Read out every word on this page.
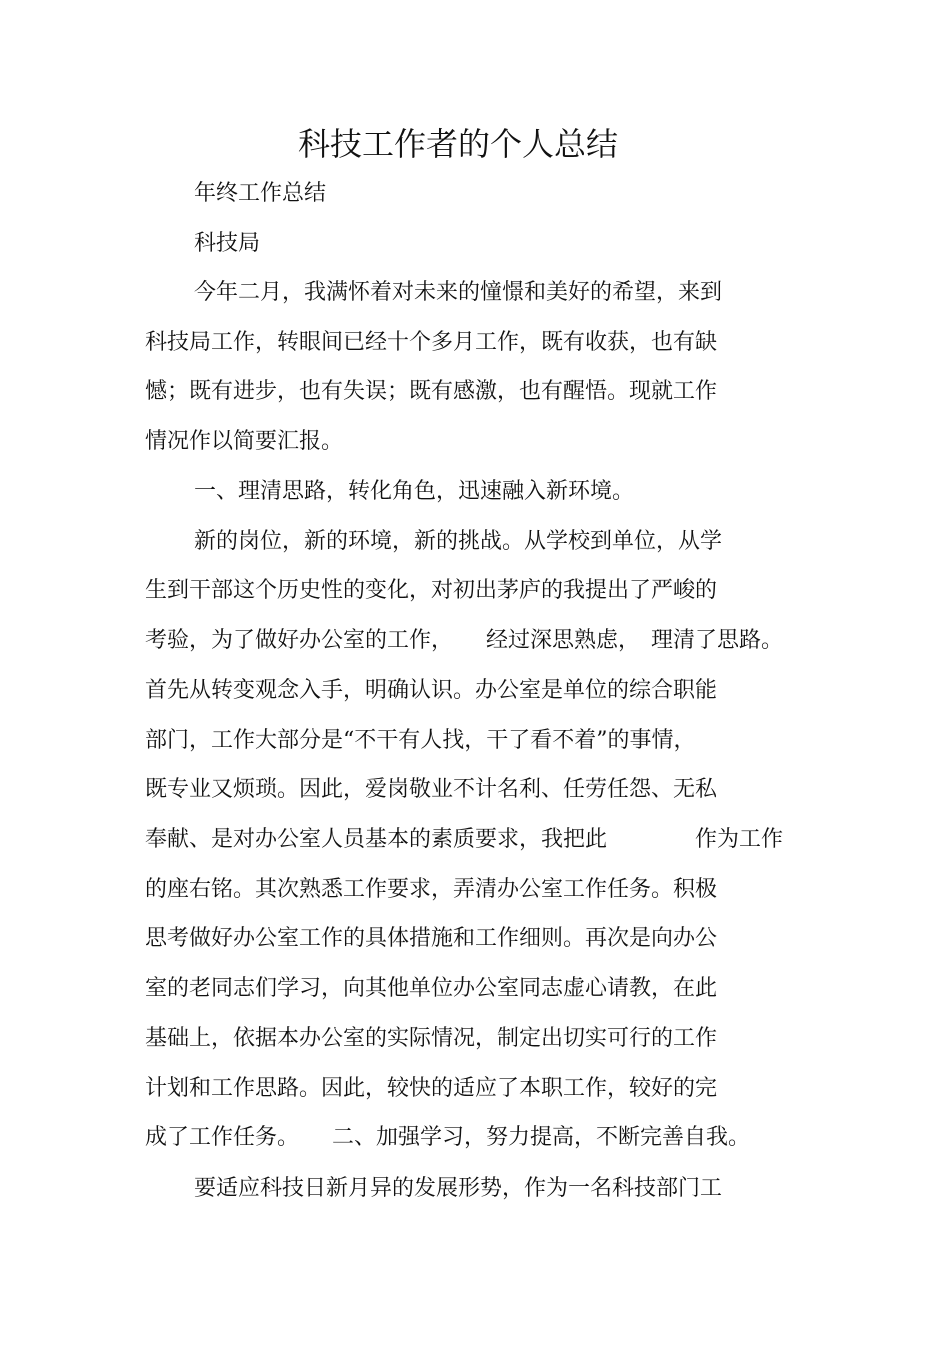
科技工作者的个人总结
年终工作总结
科技局
今年二月，我满怀着对未来的憧憬和美好的希望，来到
科技局工作，转眼间已经十个多月工作，既有收获，也有缺
憾；既有进步，也有失误；既有感激，也有醒悟。现就工作
情况作以简要汇报。
一、理清思路，转化角色，迅速融入新环境。
新的岗位，新的环境，新的挑战。从学校到单位，从学
生到干部这个历史性的变化，对初出茅庐的我提出了严峻的
考验，为了做好办公室的工作，　　经过深思熟虑，　理清了思路。
首先从转变观念入手，明确认识。办公室是单位的综合职能
部门，工作大部分是“不干有人找，干了看不着”的事情，
既专业又烦琐。因此，爱岗敬业不计名利、任劳任怨、无私
奉献、是对办公室人员基本的素质要求，我把此　　　　作为工作
的座右铭。其次熟悉工作要求，弄清办公室工作任务。积极
思考做好办公室工作的具体措施和工作细则。再次是向办公
室的老同志们学习，向其他单位办公室同志虚心请教，在此
基础上，依据本办公室的实际情况，制定出切实可行的工作
计划和工作思路。因此，较快的适应了本职工作，较好的完
成了工作任务。　　二、加强学习，努力提高，不断完善自我。
要适应科技日新月异的发展形势，作为一名科技部门工
